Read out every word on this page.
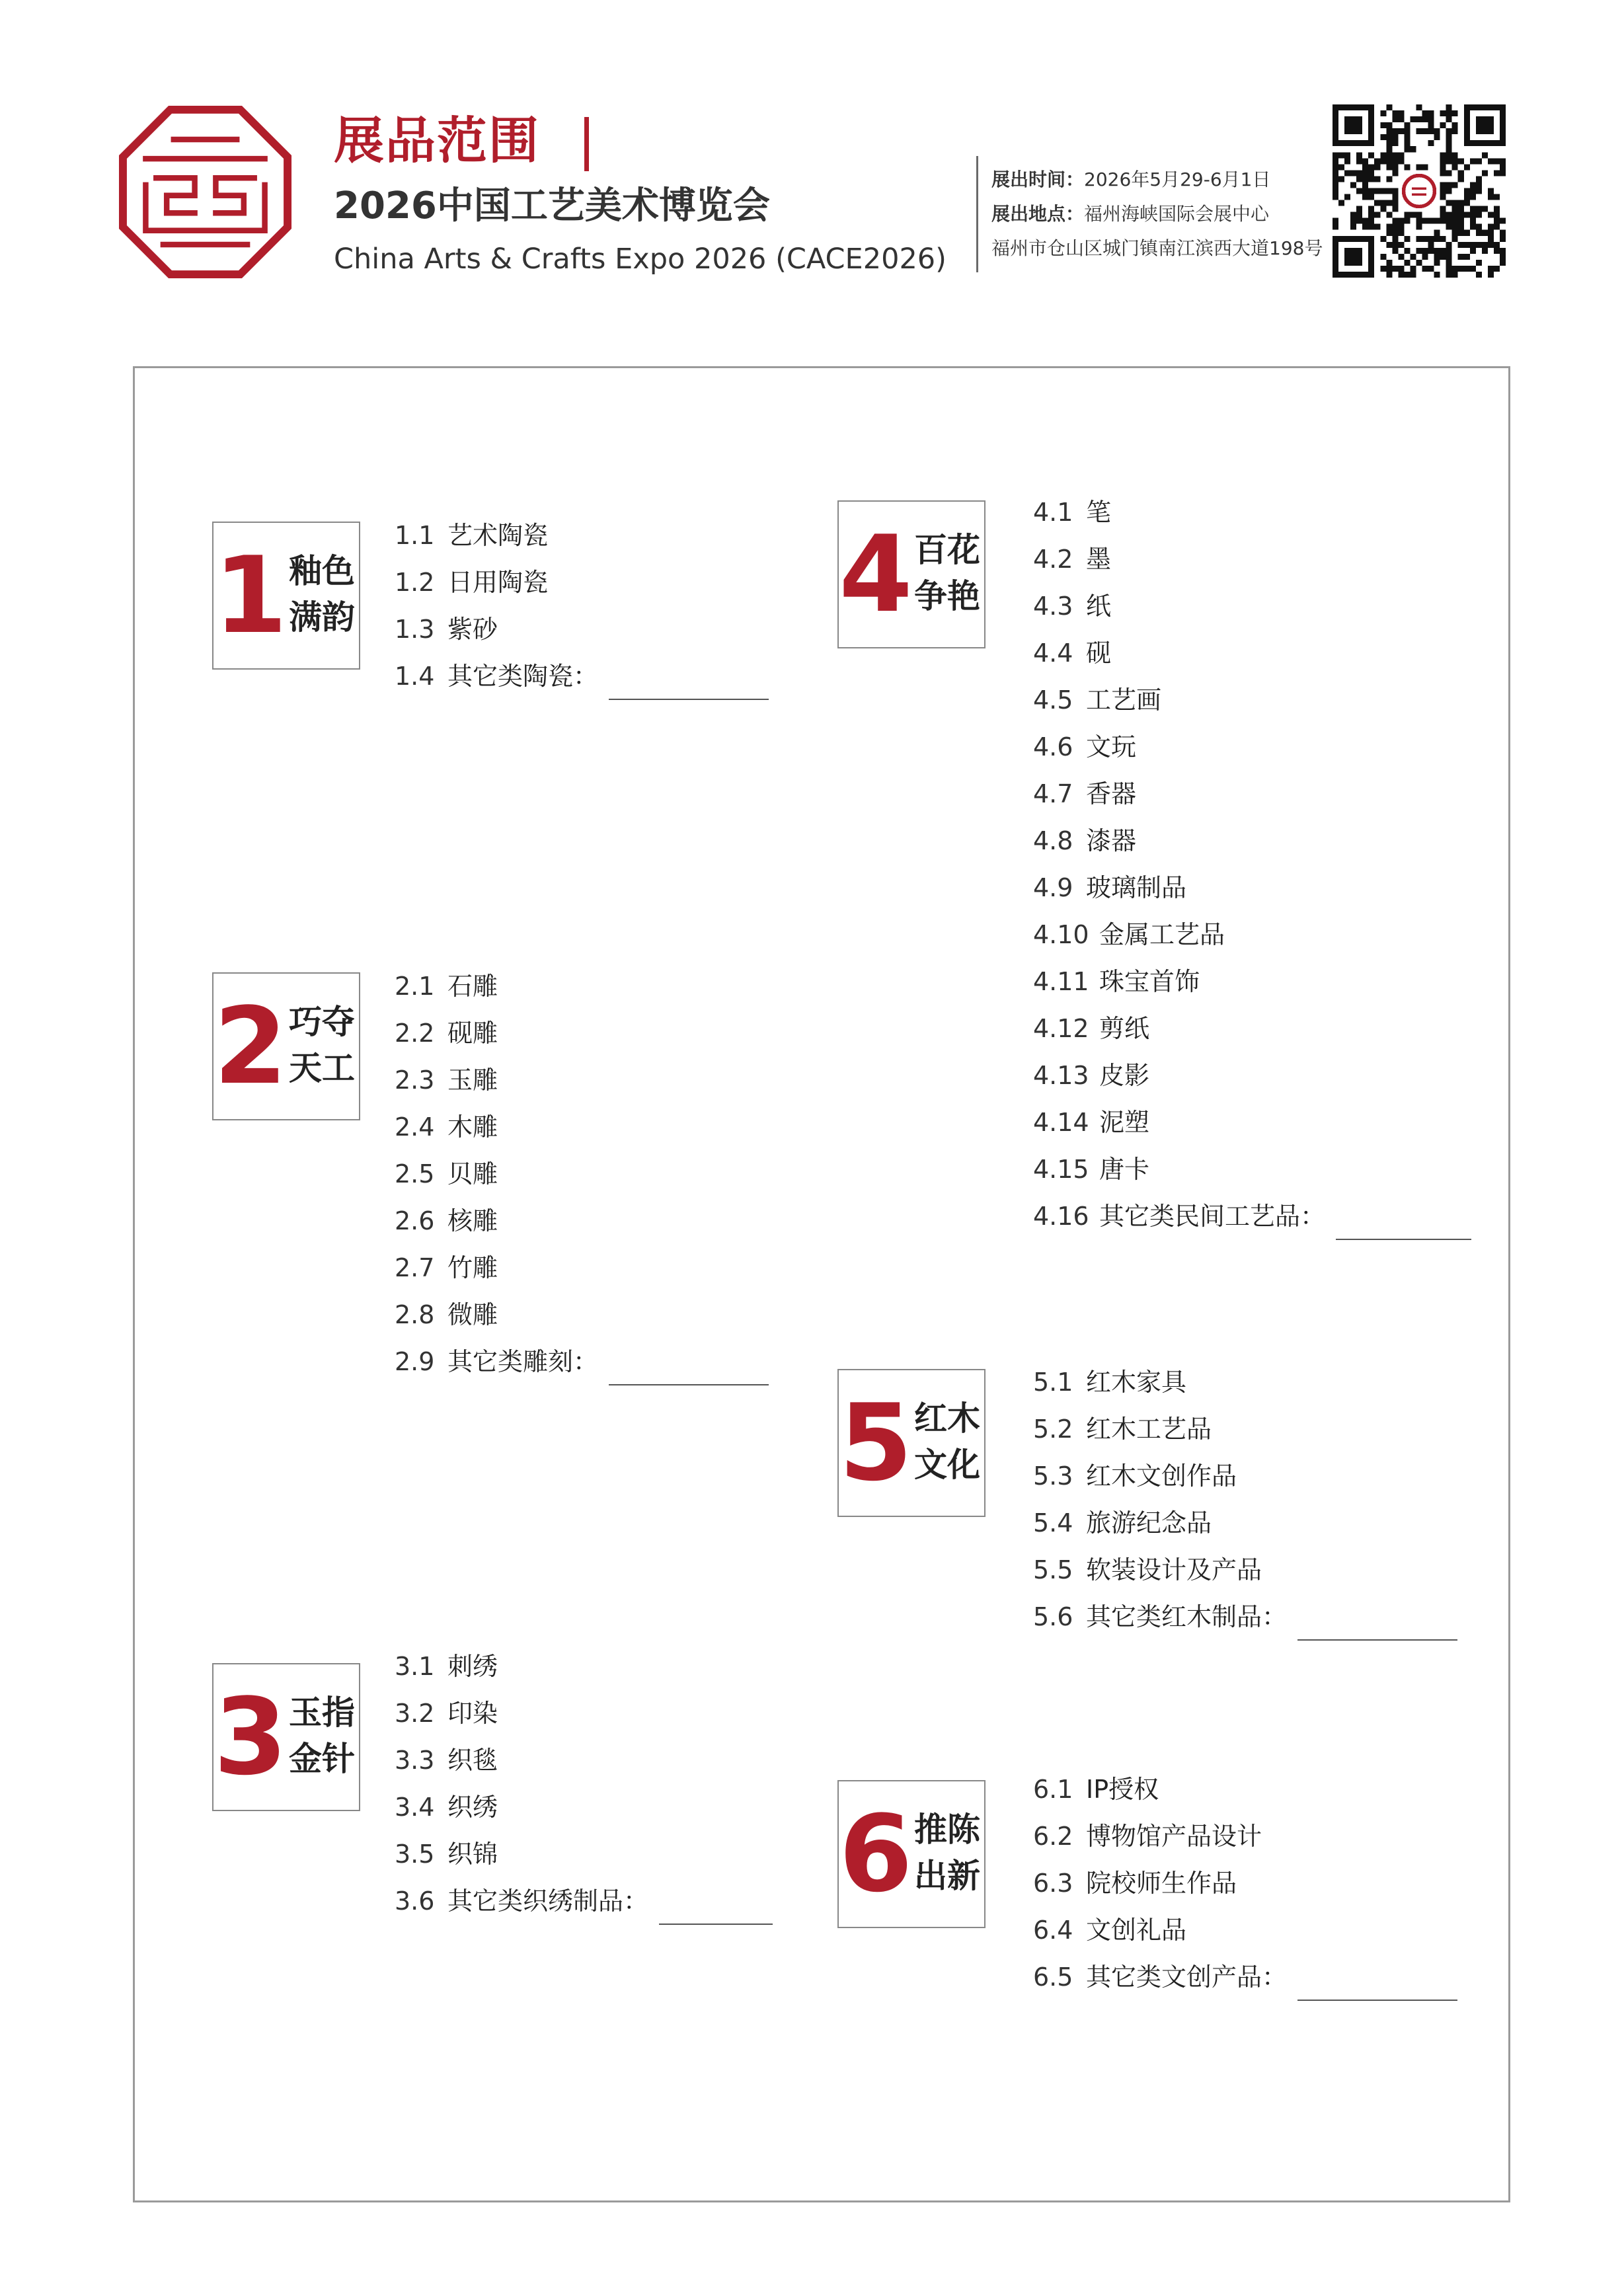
展品范围
2026中国工艺美术博览会

China Arts & Crafts Expo 2026 (CACE2026)

展出时间：2026年5月29-6月1日
展出地点：福州海峡国际会展中心
福州市仓山区城门镇南江滨西大道198号
1 釉色
满韵
1.1 艺术陶瓷
1.2 日用陶瓷
1.3 紫砂
1.4 其它类陶瓷：
2 巧夺
天工
2.1 石雕
2.2 砚雕
2.3 玉雕
2.4 木雕
2.5 贝雕
2.6 核雕
2.7 竹雕
2.8 微雕
2.9 其它类雕刻：
3 玉指
金针
3.1 刺绣
3.2 印染
3.3 织毯
3.4 织绣
3.5 织锦
3.6 其它类织绣制品：
4 百花
争艳
4.1 笔
4.2 墨
4.3 纸
4.4 砚
4.5 工艺画
4.6 文玩
4.7 香器
4.8 漆器
4.9 玻璃制品
4.10 金属工艺品
4.11 珠宝首饰
4.12 剪纸
4.13 皮影
4.14 泥塑
4.15 唐卡
4.16 其它类民间工艺品：
5 红木
文化
5.1 红木家具
5.2 红木工艺品
5.3 红木文创作品
5.4 旅游纪念品
5.5 软装设计及产品
5.6 其它类红木制品：
6 推陈
出新
6.1 IP授权
6.2 博物馆产品设计
6.3 院校师生作品
6.4 文创礼品
6.5 其它类文创产品：
